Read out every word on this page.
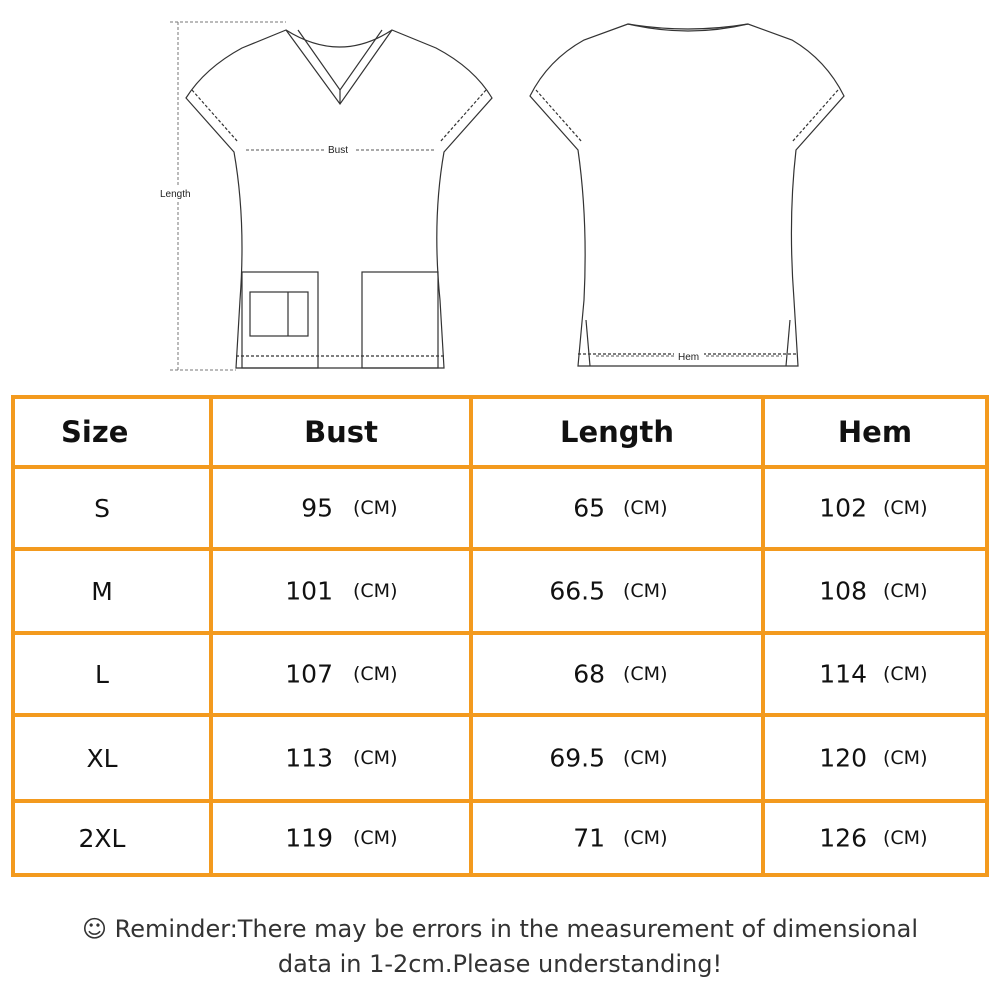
Length
Bust
Hem
Size	Bust	Length	Hem
S	95 (CM)	65 (CM)	102 (CM)
M	101 (CM)	66.5 (CM)	108 (CM)
L	107 (CM)	68 (CM)	114 (CM)
XL	113 (CM)	69.5 (CM)	120 (CM)
2XL	119 (CM)	71 (CM)	126 (CM)
☺ Reminder:There may be errors in the measurement of dimensional
data in 1-2cm.Please understanding!
